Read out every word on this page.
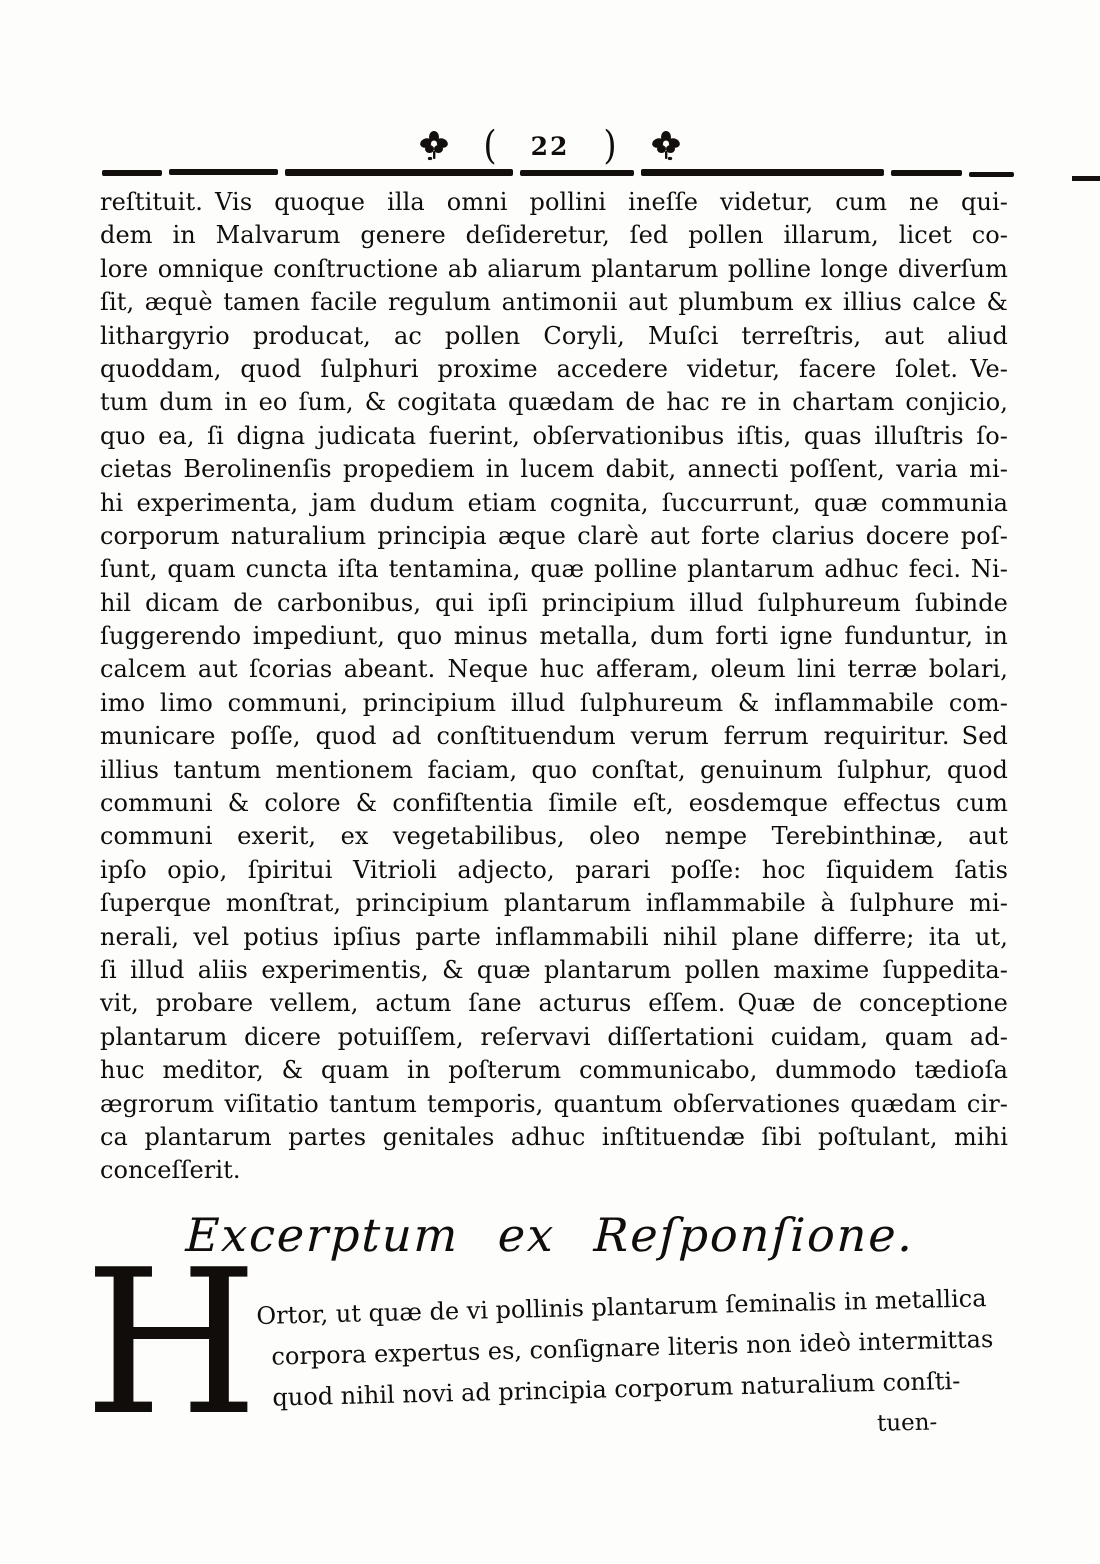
( 22 )
reſtituit. Vis quoque illa omni pollini ineſſe videtur, cum ne qui-
dem in Malvarum genere deſideretur, ſed pollen illarum, licet co-
lore omnique conſtructione ab aliarum plantarum polline longe diverſum
ſit, æquè tamen facile regulum antimonii aut plumbum ex illius calce &
lithargyrio producat, ac pollen Coryli, Muſci terreſtris, aut aliud
quoddam, quod ſulphuri proxime accedere videtur, facere ſolet. Ve-
tum dum in eo ſum, & cogitata quædam de hac re in chartam conjicio,
quo ea, ſi digna judicata fuerint, obſervationibus iſtis, quas illuſtris ſo-
cietas Berolinenſis propediem in lucem dabit, annecti poſſent, varia mi-
hi experimenta, jam dudum etiam cognita, ſuccurrunt, quæ communia
corporum naturalium principia æque clarè aut forte clarius docere poſ-
ſunt, quam cuncta iſta tentamina, quæ polline plantarum adhuc feci. Ni-
hil dicam de carbonibus, qui ipſi principium illud ſulphureum ſubinde
ſuggerendo impediunt, quo minus metalla, dum forti igne funduntur, in
calcem aut ſcorias abeant. Neque huc afferam, oleum lini terræ bolari,
imo limo communi, principium illud ſulphureum & inflammabile com-
municare poſſe, quod ad conſtituendum verum ferrum requiritur. Sed
illius tantum mentionem faciam, quo conſtat, genuinum ſulphur, quod
communi & colore & confiſtentia ſimile eſt, eosdemque effectus cum
communi exerit, ex vegetabilibus, oleo nempe Terebinthinæ, aut
ipſo opio, ſpiritui Vitrioli adjecto, parari poſſe: hoc ſiquidem ſatis
ſuperque monſtrat, principium plantarum inflammabile à ſulphure mi-
nerali, vel potius ipſius parte inflammabili nihil plane differre; ita ut,
ſi illud aliis experimentis, & quæ plantarum pollen maxime ſuppedita-
vit, probare vellem, actum ſane acturus eſſem. Quæ de conceptione
plantarum dicere potuiſſem, reſervavi diſſertationi cuidam, quam ad-
huc meditor, & quam in poſterum communicabo, dummodo tædioſa
ægrorum viſitatio tantum temporis, quantum obſervationes quædam cir-
ca plantarum partes genitales adhuc inſtituendæ ſibi poſtulant, mihi
conceſſerit.
Excerptum ex Reſponſione.
H
Ortor, ut quæ de vi pollinis plantarum ſeminalis in metallica
corpora expertus es, conſignare literis non ideò intermittas
quod nihil novi ad principia corporum naturalium conſti-
tuen-
